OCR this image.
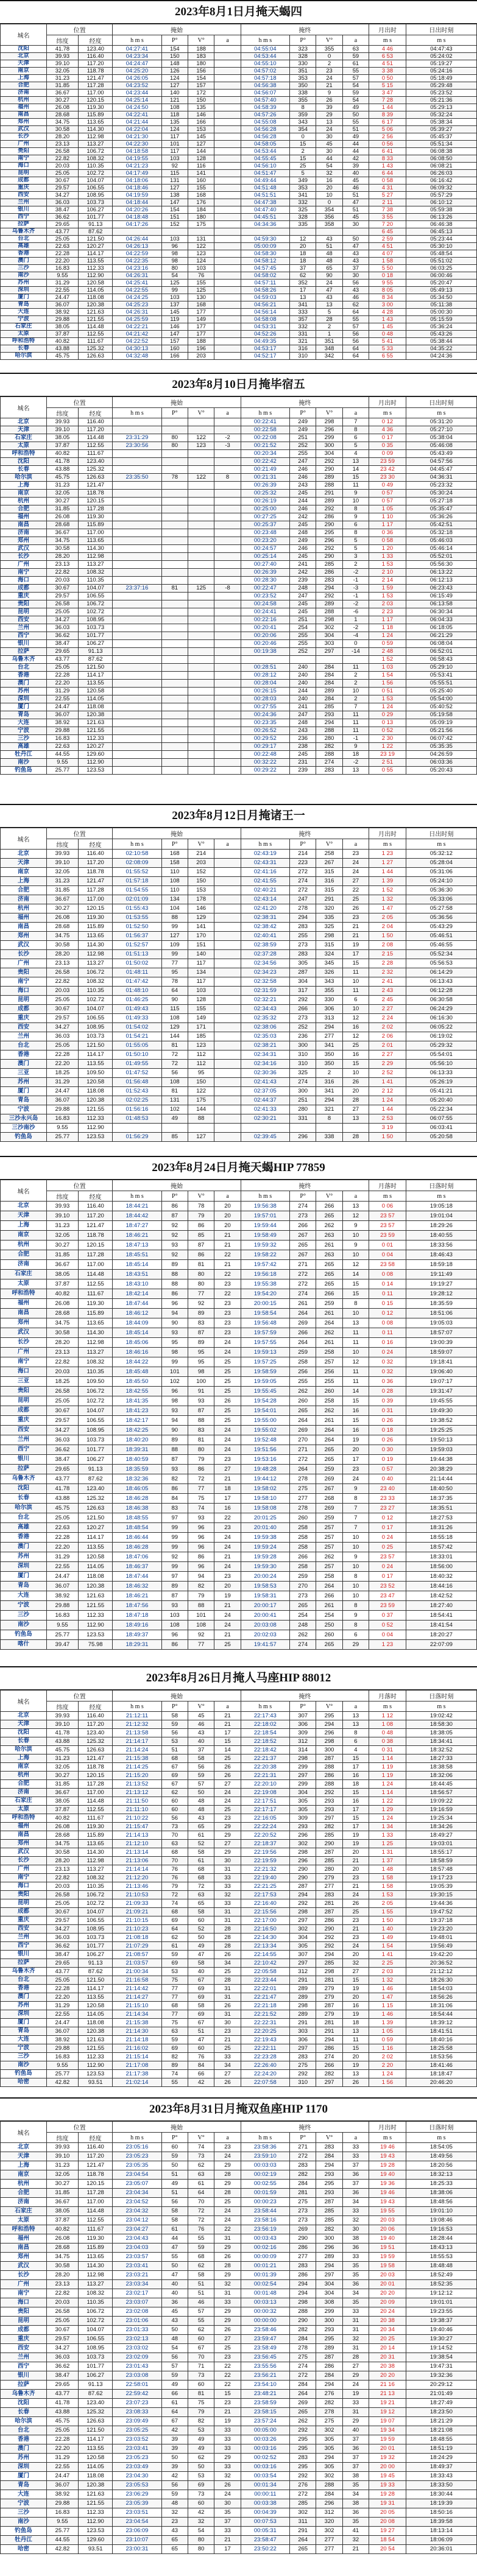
2023年8月1日月掩天蝎四
城名	位置		掩始				掩终				月出时	日出时刻
	纬度	经度	h m s	P°	V°	a	h m s	P°	V°	a	m s	m s
沈阳	41.78	123.40	04:27:41	154	188		04:55:04	323	355	63	4 46	04:47:43
北京	39.93	116.40	04:23:34	150	183		04:53:44	328	0	59	6 53	05:24:02
天津	39.10	117.20	04:24:47	148	180		04:55:10	330	2	61	4 51	05:19:27
南京	32.05	118.78	04:25:20	126	156		04:57:02	351	23	55	3 38	05:24:16
上海	31.23	121.47	04:26:05	124	154		04:57:18	353	24	57	0 50	05:18:49
合肥	31.85	117.28	04:23:52	127	157		04:56:38	350	21	54	5 15	05:29:48
济南	36.67	117.00	04:23:44	140	172		04:56:07	338	9	59	3 47	05:23:52
杭州	30.27	120.15	04:25:14	121	150		04:57:40	355	26	54	7 28	05:21:36
福州	26.08	119.30	04:24:50	108	135		04:58:39	8	39	49	1 44	05:29:13
南昌	28.68	115.89	04:22:41	118	146		04:57:26	359	29	50	8 39	05:32:24
郑州	34.75	113.65	04:21:44	135	166		04:55:08	343	13	55	6 17	05:38:34
武汉	30.58	114.30	04:22:04	124	153		04:56:28	354	24	51	5 06	05:39:27
长沙	28.20	112.98	04:21:30	117	145		04:56:28	0	30	49	2 56	05:45:37
广州	23.13	113.27	04:22:30	101	127		04:58:05	15	45	44	0 56	05:51:34
贵阳	26.58	106.72	04:18:58	117	144		04:53:44	2	30	44	6 41	06:08:38
南宁	22.82	108.32	04:19:55	103	128		04:55:45	15	44	42	8 33	06:08:50
海口	20.03	110.35	04:21:23	92	116		04:56:10	25	54	39	1 43	06:08:21
昆明	25.05	102.72	04:17:49	115	141		04:51:47	5	32	40	6 44	06:26:03
成都	30.67	104.07	04:18:06	131	160		04:49:44	349	16	45	0 58	06:16:42
重庆	29.57	106.55	04:18:46	127	155		04:51:48	353	20	46	4 31	06:09:32
西安	34.27	108.95	04:19:59	138	168		04:51:51	341	10	51	5 27	05:57:29
兰州	36.03	103.73	04:18:44	147	176		04:47:38	332	0	47	2 11	06:10:12
银川	38.47	106.27	04:20:26	154	184		04:47:40	325	354	51	7 38	05:59:38
西宁	36.62	101.77	04:18:48	151	180		04:45:51	328	356	45	3 55	06:13:26
拉萨	29.65	91.13	04:17:26	152	175		04:34:36	335	358	30	7 20	06:46:38
乌鲁木齐	43.77	87.62									6 45	06:45:13
台北	25.05	121.50	04:26:44	103	131		04:59:30	12	43	50	2 59	05:23:44
高雄	22.63	120.27	04:26:13	96	122		05:00:09	20	51	47	4 51	05:30:10
香港	22.28	114.17	04:22:59	98	123		04:58:30	18	48	43	4 07	05:48:54
澳门	22.20	113.55	04:22:35	98	124		04:58:12	18	48	43	1 58	05:51:02
三沙	16.83	112.33	04:23:16	80	103		04:57:45	37	65	37	5 50	06:03:25
南沙	9.55	112.90	04:26:31	54	76		04:58:02	62	90	30	0 18	06:00:46
苏州	31.29	120.58	04:25:41	125	155		04:57:11	352	24	56	9 55	05:20:47
深圳	22.55	114.05	04:22:55	99	125		04:58:26	17	47	43	8 05	05:49:13
厦门	24.47	118.08	04:24:25	103	130		04:59:03	13	43	46	8 34	05:34:50
青岛	36.07	120.38	04:25:23	137	168		04:56:21	341	13	62	3 00	05:11:38
大连	38.92	121.63	04:26:31	145	177		04:56:14	333	5	64	4 28	05:00:30
宁波	29.88	121.55	04:25:59	119	149		04:58:08	357	28	55	1 43	05:15:59
石家庄	38.05	114.48	04:22:21	146	177		04:53:31	332	2	57	1 45	05:36:24
太原	37.87	112.55	04:21:42	147	177		04:52:26	331	1	56	0 48	05:43:26
呼和浩特	40.82	111.67	04:22:52	157	188		04:49:35	321	351	56	5 41	05:38:44
长春	43.88	125.32	04:30:13	160	196		04:53:17	316	348	64	5 33	04:35:22
哈尔滨	45.75	126.63	04:32:48	166	203		04:52:17	310	342	64	6 55	04:24:36
2023年8月10日月掩毕宿五
城名	位置		掩始				掩终				月出时	日出时刻
	纬度	经度	h m s	P°	V°	a	h m s	P°	V°	a	m s	m s
北京	39.93	116.40					00:22:41	249	298	7	0 12	05:31:20
天津	39.10	117.20					00:22:58	249	296	8	4 36	05:27:10
石家庄	38.05	114.48	23:31:29	80	122	-2	00:22:08	251	299	6	0 17	05:38:04
太原	37.87	112.55	23:30:56	80	123	-3	00:21:52	252	300	5	0 35	05:46:08
呼和浩特	40.82	111.67					00:20:34	255	304	4	0 09	05:43:49
沈阳	41.78	123.40					00:22:42	247	292	13	23 59	04:57:56
长春	43.88	125.32					00:21:49	246	290	14	23 42	04:45:47
哈尔滨	45.75	126.63	23:35:50	78	122	8	00:21:31	246	289	15	23 30	04:36:31
上海	31.23	121.47					00:26:39	243	288	11	0 49	05:23:32
南京	32.05	118.78					00:25:32	245	291	9	0 57	05:30:24
杭州	30.27	120.15					00:26:19	244	289	10	0 57	05:27:18
合肥	31.85	117.28					00:25:00	246	292	8	1 05	05:35:47
福州	26.08	119.30					00:27:25	242	286	9	1 10	05:36:26
南昌	28.68	115.89					00:25:37	245	290	6	1 17	05:42:51
济南	36.67	117.00					00:23:48	248	295	8	0 36	05:32:18
郑州	34.75	113.65					00:23:20	249	296	5	0 58	05:46:03
武汉	30.58	114.30					00:24:57	246	292	5	1 20	05:46:14
长沙	28.20	112.98					00:25:14	245	290	3	1 33	05:52:01
广州	23.13	113.27					00:27:40	241	285	2	1 53	05:56:30
南宁	22.82	108.32					00:26:39	242	286	-2	2 10	06:13:22
海口	20.03	110.35					00:28:30	239	283	-1	2 14	06:12:13
成都	30.67	104.07	23:37:16	81	125	-8	00:22:47	248	294	-3	1 59	06:23:43
重庆	29.57	106.55					00:23:52	247	292	-1	1 53	06:15:49
贵阳	26.58	106.72					00:24:58	245	289	-2	2 03	06:13:58
昆明	25.05	102.72					00:24:41	245	288	-6	2 23	06:30:34
西安	34.27	108.95					00:22:16	251	298	1	1 17	06:04:33
兰州	36.03	103.73					00:20:41	254	302	-2	1 18	06:18:05
西宁	36.62	101.77					00:20:06	255	304	-4	1 24	06:21:29
银川	38.47	106.27					00:20:46	255	303	0	0 59	06:08:04
拉萨	29.65	91.13					00:19:38	252	297	-14	2 48	06:52:01
乌鲁木齐	43.77	87.62									1 52	06:58:43
台北	25.05	121.50					00:28:51	240	284	11	1 03	05:29:10
香港	22.28	114.17					00:28:12	240	284	2	1 54	05:53:41
澳门	22.20	113.55					00:28:04	240	284	2	1 56	05:55:51
苏州	31.29	120.58					00:26:15	244	289	10	0 51	05:25:40
深圳	22.55	114.05					00:28:03	240	284	2	1 53	05:54:00
厦门	24.47	118.08					00:27:55	241	285	7	1 24	05:40:52
青岛	36.07	120.38					00:24:36	247	293	11	0 29	05:19:58
大连	38.92	121.63					00:23:35	248	294	11	0 13	05:09:19
宁波	29.88	121.55					00:26:52	243	288	11	0 52	05:21:56
三沙	16.83	112.33					00:29:52	236	280	-1	2 30	06:07:42
高雄	22.63	120.27					00:29:17	238	282	9	1 22	05:35:35
牡丹江	44.55	129.60					00:22:48	245	288	18	23 19	04:26:59
南沙	9.55	112.90					00:32:22	231	274	-2	2 51	06:03:36
钓鱼岛	25.77	123.53					00:29:22	239	283	13	0 55	05:20:43
2023年8月12日月掩诸王一
城名	位置		掩始				掩终				月出时	日出时刻
	纬度	经度	h m s	P°	V°	a	h m s	P°	V°	a	m s	m s
北京	39.93	116.40	02:10:58	168	214		02:43:19	214	258	23	1 23	05:32:12
天津	39.10	117.20	02:08:09	158	203		02:43:31	223	267	24	1 27	05:28:04
南京	32.05	118.78	01:55:52	110	152		02:41:16	272	315	24	1 44	05:31:06
上海	31.23	121.47	01:57:18	108	150		02:41:55	274	316	27	1 39	05:24:10
合肥	31.85	117.28	01:54:55	110	153		02:40:21	272	315	22	1 52	05:36:30
济南	36.67	117.00	02:01:09	134	178		02:43:14	247	291	25	1 32	05:33:06
杭州	30.27	120.15	01:55:43	104	146		02:41:20	278	320	26	1 47	05:27:58
福州	26.08	119.30	01:53:55	88	129		02:38:31	294	335	23	2 05	05:36:56
南昌	28.68	115.89	01:52:50	99	141		02:38:42	283	325	21	2 04	05:43:29
郑州	34.75	113.65	01:56:37	127	170		02:40:41	255	298	21	1 50	05:46:51
武汉	30.58	114.30	01:52:57	109	151		02:38:59	273	315	19	2 08	05:46:55
长沙	28.20	112.98	01:51:13	99	140		02:37:28	283	324	17	2 15	05:52:34
广州	23.13	113.27	01:50:02	77	117		02:34:56	305	345	15	2 28	05:56:53
贵阳	26.58	106.72	01:48:11	95	134		02:34:23	287	326	11	2 32	06:14:29
南宁	22.82	108.32	01:47:42	78	117		02:32:58	304	343	10	2 41	06:13:43
海口	20.03	110.35	01:48:10	64	103		02:31:59	317	355	11	2 43	06:12:28
昆明	25.05	102.72	01:46:25	90	128		02:32:21	292	330	6	2 45	06:30:58
成都	30.67	104.07	01:49:43	115	155		02:34:43	266	306	10	2 27	06:24:29
重庆	29.57	106.55	01:49:33	108	149		02:35:32	273	313	12	2 24	06:16:30
西安	34.27	108.95	01:54:02	129	171		02:38:06	252	294	16	2 02	06:05:22
兰州	36.03	103.73	01:54:21	144	185		02:35:03	236	277	12	2 06	06:19:02
台北	25.05	121.50	01:55:05	81	123		02:38:21	300	341	25	2 01	05:29:32
香港	22.28	114.17	01:50:10	72	112		02:34:31	310	350	16	2 27	05:54:01
澳门	22.20	113.55	01:49:55	72	112		02:34:16	310	350	15	2 29	05:56:10
三亚	18.25	109.50	01:47:52	56	95		02:30:36	325	2	10	2 52	06:13:33
苏州	31.29	120.58	01:56:48	108	150		02:41:43	274	316	26	1 41	05:26:19
厦门	24.47	118.08	01:52:43	81	122		02:37:05	300	341	20	2 12	05:41:21
青岛	36.07	120.38	02:02:25	131	175		02:44:37	251	294	28	1 24	05:20:40
宁波	29.88	121.55	01:56:16	102	144		02:41:33	280	321	27	1 44	05:22:34
三沙永兴岛	16.83	112.33	01:48:53	49	88		02:30:21	331	8	13	2 53	06:07:55
三沙南沙	9.55	112.90									3 19	06:03:41
钓鱼岛	25.77	123.53	01:56:29	85	127		02:39:45	296	338	28	1 50	05:20:58
2023年8月24日月掩天蝎HIP 77859
城名	位置		掩始				掩终				月落时	日落时刻
	纬度	经度	h m s	P°	V°	a	h m s	P°	V°	a	m s	m s
北京	39.93	116.40	18:44:21	86	78	20	19:56:38	274	266	13	0 06	19:05:18
天津	39.10	117.20	18:44:42	87	79	20	19:57:01	273	265	12	23 57	19:01:04
上海	31.23	121.47	18:47:27	92	86	20	19:59:44	266	262	9	23 57	18:29:26
南京	32.05	118.78	18:46:21	92	85	21	19:58:49	267	263	10	23 59	18:40:55
杭州	30.27	120.15	18:47:13	93	87	21	19:59:32	265	261	9	0 01	18:33:56
合肥	31.85	117.28	18:45:51	92	86	22	19:58:22	267	263	10	0 04	18:46:43
济南	36.67	117.00	18:45:14	89	81	21	19:57:42	271	265	12	23 58	18:59:18
石家庄	38.05	114.48	18:43:51	88	80	22	19:56:18	272	265	14	0 08	19:11:49
太原	37.87	112.55	18:43:10	88	80	23	19:55:38	272	265	15	0 14	19:19:27
呼和浩特	40.82	111.67	18:42:14	86	77	22	19:54:20	274	266	15	0 11	19:28:12
福州	26.08	119.30	18:47:44	96	92	23	20:00:15	261	259	8	0 15	18:35:59
南昌	28.68	115.89	18:46:12	94	89	23	19:58:54	264	261	10	0 12	18:51:06
郑州	34.75	113.65	18:44:09	90	83	23	19:56:48	269	264	13	0 08	19:05:03
武汉	30.58	114.30	18:45:14	93	87	23	19:57:59	266	262	11	0 11	18:57:07
长沙	28.20	112.98	18:45:06	95	89	24	19:57:55	264	261	11	0 16	19:00:39
广州	23.13	113.27	18:46:16	98	95	24	19:59:13	259	258	10	0 24	18:59:07
南宁	22.82	108.32	18:44:22	99	95	25	19:57:25	258	257	12	0 32	19:18:41
海口	20.03	110.35	18:45:48	101	98	25	19:58:59	256	256	11	0 32	19:06:40
三亚	18.25	109.50	18:45:50	102	100	25	19:59:05	255	255	11	0 36	19:07:17
贵阳	26.58	106.72	18:42:55	96	91	25	19:55:45	262	260	14	0 28	19:31:47
昆明	25.05	102.72	18:41:35	98	93	26	19:54:28	260	258	15	0 39	19:45:55
成都	30.67	104.07	18:41:23	93	87	25	19:54:01	265	262	16	0 31	19:49:30
重庆	29.57	106.55	18:42:17	94	88	25	19:55:00	264	261	15	0 26	19:38:52
西安	34.27	108.95	18:42:25	90	83	24	19:55:02	269	264	16	0 18	19:25:25
兰州	36.03	103.73	18:40:20	89	81	24	19:52:48	270	264	19	0 26	19:50:13
西宁	36.62	101.77	18:39:31	88	80	24	19:51:56	271	265	20	0 30	19:59:03
银川	38.47	106.27	18:40:59	87	79	23	19:53:16	272	265	17	0 19	19:44:38
拉萨	29.65	91.13	18:35:59	93	86	27	19:48:28	264	259	23	0 57	20:38:29
乌鲁木齐	43.77	87.62	18:32:36	82	72	21	19:44:12	278	269	24	0 40	21:14:44
沈阳	41.78	123.40	18:46:05	86	77	18	19:58:02	275	267	9	23 40	18:40:50
长春	43.88	125.32	18:46:28	84	75	17	19:58:10	277	268	8	23 33	18:37:35
哈尔滨	45.75	126.63	18:46:38	83	74	16	19:58:08	278	269	7	23 27	18:35:51
台北	25.05	121.50	18:48:55	97	93	22	20:01:25	260	259	7	0 12	18:27:53
高雄	22.63	120.27	18:48:54	99	96	23	20:01:40	258	257	7	0 17	18:31:26
香港	22.28	114.17	18:46:44	99	96	24	19:59:38	258	257	10	0 24	18:55:18
澳门	22.20	113.55	18:46:28	99	96	24	19:59:24	258	257	10	0 25	18:57:42
苏州	31.29	120.58	18:47:06	92	86	21	19:59:28	266	262	9	23 57	18:33:01
深圳	22.55	114.05	18:46:37	99	96	24	19:59:30	258	257	10	0 24	18:56:00
厦门	24.47	118.08	18:47:44	97	94	23	20:00:24	259	258	8	0 17	18:40:32
青岛	36.07	120.38	18:46:32	89	82	20	19:58:53	270	264	10	23 52	18:44:16
大连	38.92	121.63	18:46:21	87	79	19	19:58:31	273	266	10	23 47	18:42:52
宁波	29.88	121.55	18:47:56	93	88	21	20:00:17	265	261	8	23 59	18:27:40
三沙	16.83	112.33	18:47:18	103	101	24	20:00:41	254	254	9	0 37	18:54:41
南沙	9.55	112.90	18:49:16	108	108	24	20:03:08	248	250	8	0 52	18:41:54
钓鱼岛	25.77	123.53	18:49:37	96	92	21	20:02:03	262	260	6	0 04	18:20:27
喀什	39.47	75.98	18:29:31	86	77	25	19:41:57	274	265	29	1 23	22:07:09
2023年8月26日月掩人马座HIP 88012
城名	位置		掩始				掩终				月落时	日落时刻
	纬度	经度	h m s	P°	V°	a	h m s	P°	V°	a	m s	m s
北京	39.93	116.40	21:12:11	58	45	21	22:17:43	307	295	13	1 12	19:02:42
天津	39.10	117.20	21:12:32	59	46	21	22:18:02	306	294	13	1 08	18:58:30
沈阳	41.78	123.40	21:13:58	56	43	17	22:18:54	309	296	8	0 48	18:38:05
长春	43.88	125.32	21:14:17	53	40	15	22:18:52	312	298	6	0 38	18:34:41
哈尔滨	45.75	126.63	21:14:24	51	37	14	22:18:42	314	300	4	0 31	18:32:52
上海	31.23	121.47	21:15:38	68	58	25	22:21:37	298	287	15	1 14	18:27:33
南京	32.05	118.78	21:14:25	67	56	26	22:20:38	299	288	17	1 19	18:38:58
杭州	30.27	120.15	21:15:20	69	59	26	22:21:31	297	286	16	1 19	18:32:06
合肥	31.85	117.28	21:13:52	67	57	27	22:20:10	299	288	18	1 24	18:44:45
济南	36.67	117.00	21:13:12	62	50	24	22:19:08	304	292	15	1 14	18:56:57
石家庄	38.05	114.48	21:11:50	60	48	24	22:17:51	305	293	16	1 22	19:09:22
太原	37.87	112.55	21:11:10	60	48	25	22:17:17	305	293	17	1 29	19:16:59
呼和浩特	40.82	111.67	21:10:22	56	43	23	22:16:05	309	297	15	1 24	19:25:34
福州	26.08	119.30	21:15:47	73	65	29	22:22:24	293	282	17	1 34	18:34:26
南昌	28.68	115.89	21:14:13	70	61	29	22:20:52	296	285	19	1 33	18:49:27
郑州	34.75	113.65	21:12:10	63	52	27	22:18:37	302	290	19	1 25	19:03:01
武汉	30.58	114.30	21:13:14	68	58	29	22:19:56	298	287	20	1 31	18:55:17
长沙	28.20	112.98	21:13:06	70	61	30	22:19:59	296	285	21	1 37	18:58:59
广州	23.13	113.27	21:14:14	76	68	31	22:21:32	290	280	20	1 48	18:57:48
南宁	22.82	108.32	21:12:20	76	68	33	22:19:40	290	279	23	1 58	19:17:23
海口	20.03	110.35	21:13:46	79	72	33	22:21:25	287	277	21	1 58	19:05:39
贵阳	26.58	106.72	21:10:53	72	63	32	22:17:53	294	283	24	1 53	19:30:15
昆明	25.05	102.72	21:09:33	74	65	33	22:16:40	292	281	26	2 05	19:44:36
成都	30.67	104.07	21:09:21	68	58	31	22:15:56	298	287	25	1 55	19:47:52
重庆	29.57	106.55	21:10:15	69	60	31	22:17:00	297	286	23	1 50	19:37:18
西安	34.27	108.95	21:10:23	64	52	28	22:16:50	302	290	21	1 40	19:23:20
兰州	36.03	103.73	21:08:18	62	50	28	22:14:30	304	292	23	1 49	19:48:01
西宁	36.62	101.77	21:07:29	61	49	28	22:13:34	305	292	24	1 54	19:56:49
银川	38.47	106.27	21:08:57	59	47	26	22:14:55	307	294	20	1 41	19:42:20
拉萨	29.65	91.13	21:03:57	69	58	34	22:10:42	297	285	32	2 25	20:36:52
乌鲁木齐	43.77	87.62	21:00:34	53	40	25	22:05:58	312	298	27	2 03	21:12:12
台北	25.05	121.50	21:16:58	75	67	28	22:23:44	291	281	15	1 32	18:26:30
香港	22.28	114.17	21:14:42	77	69	31	22:22:01	289	279	19	1 46	18:54:03
澳门	22.20	113.55	21:14:27	77	69	31	22:21:47	289	279	20	1 47	18:56:26
苏州	31.29	120.58	21:15:10	68	58	26	22:21:18	298	287	16	1 15	18:31:06
深圳	22.55	114.05	21:14:34	77	69	31	22:21:52	289	279	19	1 46	18:54:44
厦门	24.47	118.08	21:15:38	75	67	30	22:22:31	291	281	18	1 39	18:39:12
青岛	36.07	120.38	21:14:30	63	51	23	22:20:25	303	291	13	1 05	18:41:51
大连	38.92	121.63	21:14:18	59	47	21	22:19:43	306	294	11	0 59	18:40:16
宁波	29.88	121.55	21:16:02	69	60	25	22:22:11	297	286	15	1 16	18:25:58
三沙	16.83	112.33	21:15:14	82	76	33	22:23:28	283	274	20	2 02	18:53:56
南沙	9.55	112.90	21:17:08	89	84	34	22:26:40	275	266	19	2 20	18:41:46
钓鱼岛	25.77	123.53	21:17:38	74	66	27	22:24:20	292	282	13	1 24	18:18:47
哈密	42.82	93.51	21:02:14	55	42	26	22:07:58	310	297	26	1 56	20:46:20
2023年8月31日月掩双鱼座HIP 1170
城名	位置		掩始				掩终				月出时	日落时刻
	纬度	经度	h m s	P°	V°	a	h m s	P°	V°	a	m s	m s
北京	39.93	116.40	23:05:16	60	74	23	23:58:36	271	283	33	19 46	18:54:05
天津	39.10	117.20	23:05:23	59	73	24	23:59:10	272	284	33	19 43	18:49:56
上海	31.23	121.47	23:05:35	50	62	29	00:03:03	283	294	37	19 28	18:20:56
南京	32.05	118.78	23:04:54	51	63	28	00:02:19	282	293	36	19 40	18:32:13
杭州	30.27	120.15	23:05:07	49	61	29	00:02:55	284	295	37	19 36	18:25:33
合肥	31.85	117.28	23:04:34	51	64	28	00:01:59	281	293	36	19 46	18:38:06
济南	36.67	117.00	23:04:52	56	70	25	00:00:23	275	287	34	19 43	18:48:56
石家庄	38.05	114.48	23:04:32	58	72	24	23:58:44	273	285	33	19 55	19:01:10
太原	37.87	112.55	23:04:12	58	72	24	23:58:16	273	285	32	20 03	19:08:46
呼和浩特	40.82	111.67	23:04:27	61	76	22	23:56:19	269	282	30	20 06	19:16:53
福州	26.08	119.30	23:04:43	44	55	31	00:03:43	290	300	38	19 40	18:28:44
南昌	28.68	115.89	23:04:03	47	59	29	00:02:16	286	296	36	19 51	18:43:13
郑州	34.75	113.65	23:03:57	55	68	26	00:00:09	277	289	33	19 59	18:55:53
武汉	30.58	114.30	23:03:41	50	62	28	00:01:21	283	294	35	19 58	18:48:48
长沙	28.20	112.98	23:03:21	47	58	29	00:01:39	286	297	35	20 03	18:52:49
广州	23.13	113.27	23:03:34	40	51	32	00:02:54	294	304	36	20 01	18:52:35
南宁	22.82	108.32	23:02:17	40	51	31	00:01:48	294	304	34	20 20	19:12:12
海口	20.03	110.35	23:03:07	36	46	33	00:03:13	298	308	35	20 09	19:01:01
贵阳	26.58	106.72	23:02:08	45	57	29	00:00:32	288	299	33	20 24	19:23:55
昆明	25.05	102.72	23:01:06	43	55	29	00:00:00	290	300	31	20 38	19:38:37
成都	30.67	104.07	23:01:33	50	62	26	23:58:46	282	293	31	20 34	19:40:46
重庆	29.57	106.55	23:02:13	48	60	27	23:59:47	284	295	32	20 25	19:30:27
西安	34.27	108.95	23:03:02	54	67	25	23:58:49	278	289	31	20 14	19:14:52
兰州	36.03	103.73	23:02:09	56	70	23	23:56:45	275	287	28	20 31	19:38:54
西宁	36.62	101.77	23:01:43	57	71	22	23:55:56	274	286	27	20 38	19:47:31
银川	38.47	106.27	23:03:08	59	73	22	23:56:21	272	284	29	20 20	19:32:36
拉萨	29.65	91.13	22:58:01	49	60	22	23:54:10	284	294	24	21 16	20:29:12
乌鲁木齐	43.77	87.62	22:59:42	66	81	15	23:48:21	264	276	19	21 13	21:01:49
沈阳	41.78	123.40	23:07:23	61	75	23	23:58:59	269	282	33	19 21	18:27:49
长春	43.88	125.32	23:08:33	64	79	21	23:58:15	265	278	31	19 12	18:23:50
哈尔滨	45.75	126.63	23:09:49	67	82	19	23:57:24	262	275	29	19 07	18:21:29
台北	25.05	121.50	23:05:25	42	53	33	00:05:00	292	302	40	19 34	18:21:08
香港	22.28	114.17	23:03:52	39	49	33	00:03:26	295	305	37	19 59	18:48:55
澳门	22.20	113.55	23:03:41	39	49	33	00:03:16	295	305	36	20 01	18:51:19
苏州	31.29	120.58	23:05:23	50	62	29	00:02:52	283	294	37	19 32	18:24:29
深圳	22.55	114.05	23:03:49	39	50	33	00:03:16	295	305	37	20 00	18:49:37
厦门	24.47	118.08	23:04:30	42	53	32	00:03:54	292	302	38	19 45	18:33:43
青岛	36.07	120.38	23:05:53	56	69	26	00:01:34	276	288	35	19 33	18:33:50
大连	38.92	121.63	23:06:29	59	73	24	00:00:11	272	284	34	19 28	18:30:44
宁波	29.88	121.55	23:05:39	48	60	30	00:03:38	285	296	38	19 31	18:19:39
三沙	16.83	112.33	23:03:51	32	42	35	00:04:39	302	312	36	20 05	18:50:16
南沙	9.55	112.90	23:04:54	23	32	37	00:07:53	311	320	35	20 08	18:39:58
钓鱼岛	25.77	123.53	23:06:09	43	54	33	00:05:31	291	302	41	19 27	18:13:14
牡丹江	44.55	129.60	23:10:07	65	80	21	23:58:47	264	277	32	18 54	18:06:09
哈密	42.82	93.51	23:00:31	65	80	17	23:50:22	265	277	21	20 54	20:36:01
